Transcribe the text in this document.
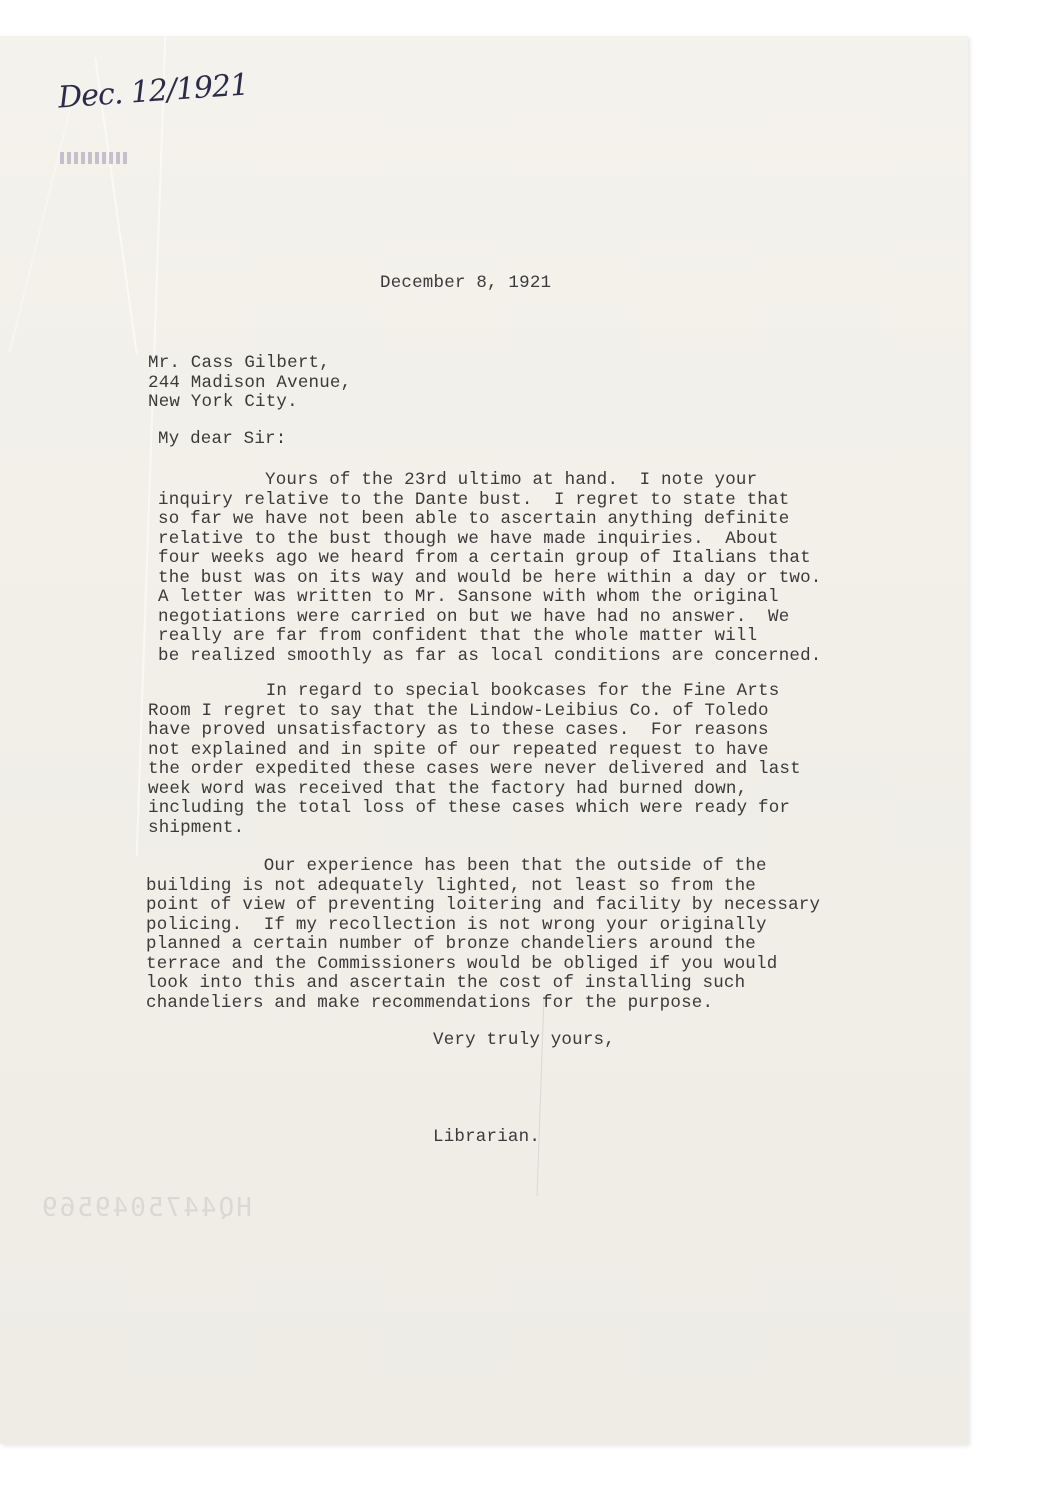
Dec. 12/1921
December 8, 1921
Mr. Cass Gilbert,
244 Madison Avenue,
New York City.
My dear Sir:
Yours of the 23rd ultimo at hand.  I note your
inquiry relative to the Dante bust.  I regret to state that
so far we have not been able to ascertain anything definite
relative to the bust though we have made inquiries.  About
four weeks ago we heard from a certain group of Italians that
the bust was on its way and would be here within a day or two.
A letter was written to Mr. Sansone with whom the original
negotiations were carried on but we have had no answer.  We
really are far from confident that the whole matter will
be realized smoothly as far as local conditions are concerned.
In regard to special bookcases for the Fine Arts
Room I regret to say that the Lindow-Leibius Co. of Toledo
have proved unsatisfactory as to these cases.  For reasons
not explained and in spite of our repeated request to have
the order expedited these cases were never delivered and last
week word was received that the factory had burned down,
including the total loss of these cases which were ready for
shipment.
Our experience has been that the outside of the
building is not adequately lighted, not least so from the
point of view of preventing loitering and facility by necessary
policing.  If my recollection is not wrong your originally
planned a certain number of bronze chandeliers around the
terrace and the Commissioners would be obliged if you would
look into this and ascertain the cost of installing such
chandeliers and make recommendations for the purpose.
Very truly yours,
Librarian.
HQ4475049569
